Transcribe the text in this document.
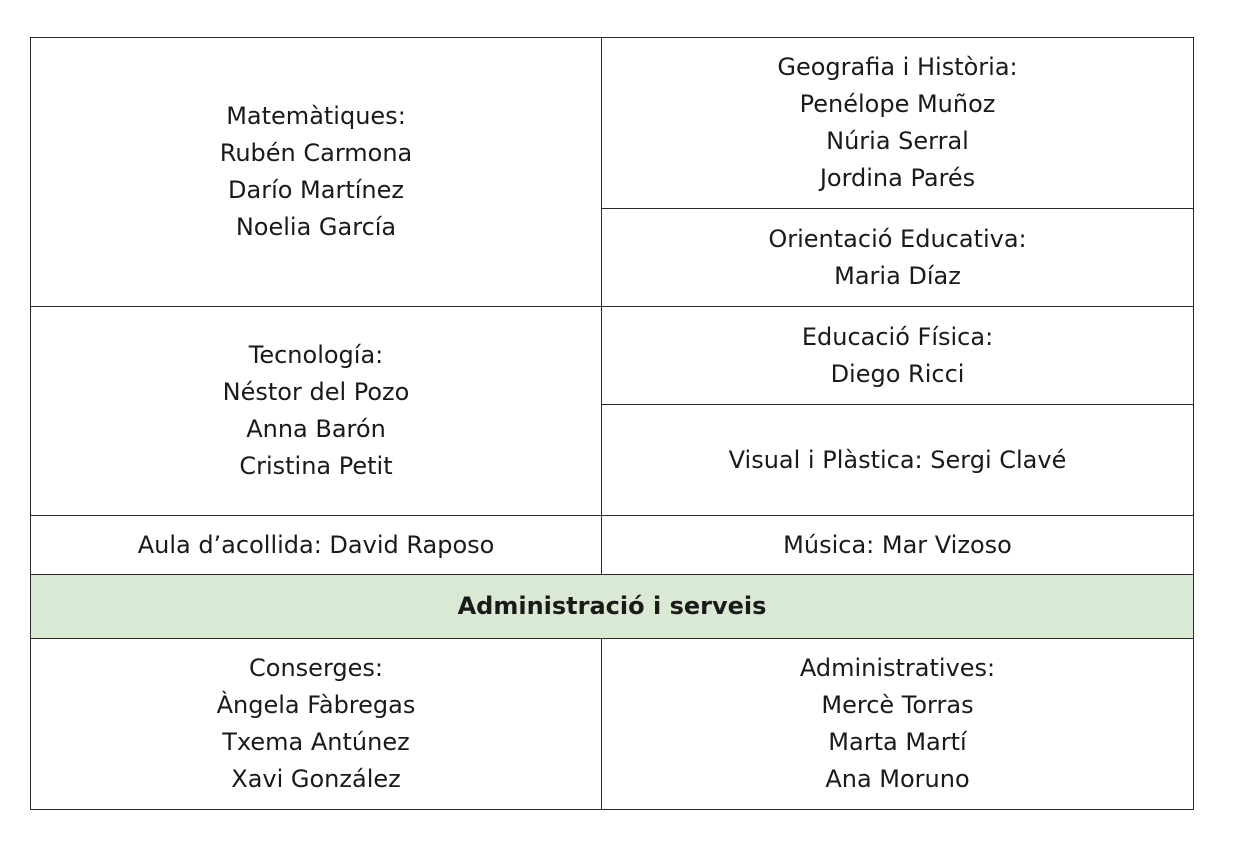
Matemàtiques:
Rubén Carmona
Darío Martínez
Noelia García	Geografia i Història:
Penélope Muñoz
Núria Serral
Jordina Parés

	Orientació Educativa:
Maria Díaz

Tecnología:
Néstor del Pozo
Anna Barón
Cristina Petit	Educació Física:
Diego Ricci

	Visual i Plàstica: Sergi Clavé

Aula d’acollida: David Raposo	Música: Mar Vizoso

Administració i serveis	

Conserges:
Àngela Fàbregas
Txema Antúnez
Xavi González	Administratives:
Mercè Torras
Marta Martí
Ana Moruno
